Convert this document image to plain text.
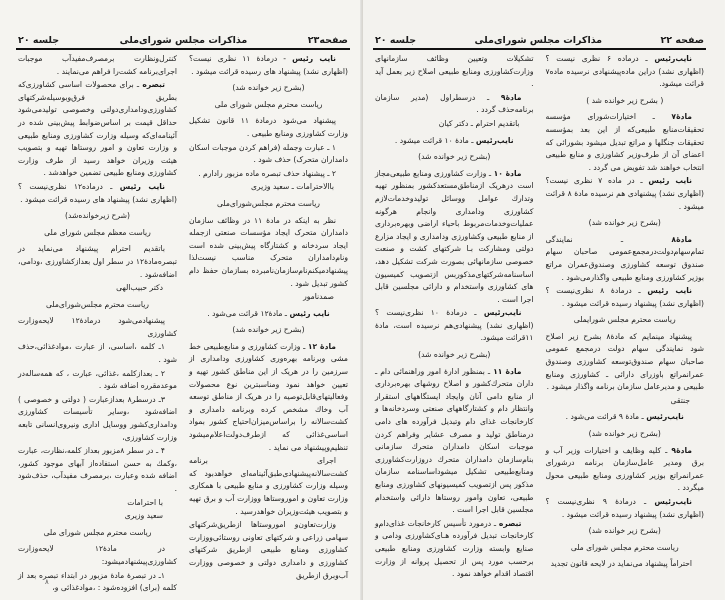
صفحه۲۳
مذاکرات مجلس شورای‌ملی
جلسه ۲۰

نایب رئیس - درمادهٔ ۱۱ نظری نیست؟ (اظهاری نشد) پیشنهاد های رسیده قرائت میشود .

(بشرح زیر خوانده شد)

ریاست محترم مجلس شورای ملی

پیشنهاد می‌شود درمادهٔ ۱۱ قانون تشکیل وزارت کشاورزی ومنابع طبیعی .

۱ ـ عبارت وجمله (فراهم کردن موجبات اسکان دامداران متحرک) حذف شود .

۲ ـ پیشنهاد حذف تبصره ماده مزبور رادارم .

باالاحترامات ـ سعید وزیری

ریاست محترم مجلس‌شورای‌ملی

نظر به اینکه در مادهٔ ۱۱ در وظائف سازمان دامداران متحرک ایجاد مؤسسات صنعتی ازجمله ایجاد سردخانه و کشتارگاه پیش‌بینی شده است ونام‌دامداران متحرک مناسب نیست‌لذا پیشنهادمیکنم‌نام‌سازمان‌نامبرده بسازمان حفظ دام کشور تبدیل شود .

صمدنامور

نایب رئیس ـ مادهٔ۱۲ قرائت می‌شود .

(بشرح زیر خوانده شد)

مادهٔ ۱۲ ـ وزارت کشاورزی و منابع‌طبیعی خط مشی وبرنامه بهره‌وری کشاورزی ودامداری از سرزمین را در هریک از این مناطق کشور تهیه و تعیین خواهد نمود ومناسبترین نوع محصولات وفعالیتهای‌قابل‌توصیه را در هریک از مناطق توسعه آب وخاك مشخص کرده وبرنامه دامداری و کشت‌سالانه را براساس‌میزان‌احتیاج کشور بمواد اساسی‌غذائی که ازطرف‌دولت‌اعلام‌میشود تنظیم‌وپیشنهاد می نماید .

اجرای برنامه کشت‌سالانه‌پیشنهادی‌طبق‌آئینامه‌ای خواهدبود که وسیله وزارت کشاورزی و منابع طبیعی با همکاری وزارت تعاون و اموروستاها ووزارت آب و برق تهیه و بتصویب هیئت‌وزیران خواهدرسید .

وزارت‌تعاون‌و اموروستاها ازطریق‌شرکتهای سهامی زراعی و شرکتهای تعاونی روستائی‌ووزارت کشاورزی ومنابع طبیعی ازطریق شرکتهای کشاورزی و دامداری دولتی و خصوصی ووزارت آب‌وبرق ازطریق

کنترل‌ونظارت برمصرف‌مفیدآب موجبات اجرای‌برنامه کشت‌را فراهم می‌نمایند .

تبصره ـ برای محصولات اساسی کشاورزی‌که بطریق فرق‌وبوسیله‌شرکتهای کشاورزی‌ودامداری‌دولتی وخصوصی تولیدمی‌شود حداقل قیمت بر اساس‌ضوابط پیش‌بینی شده در آئینامه‌ای‌که وسیله وزارت کشاورزی ومنابع طبیعی و وزارت تعاون و امور روستاها تهیه و بتصویب هیئت وزیران خواهد رسید از طرف وزارت کشاورزی ومنابع طبیعی تضمین خواهدشد .

نایب رئیس ـ درماده۱۲ نظری‌نیست ؟ (اظهاری نشد) پیشنهاد های رسیده قرائت میشود .

(شرح زیرخوانده‌شد)

ریاست معظم مجلس شورای ملی

باتقدیم احترام پیشنهاد می‌نماید در تبصره‌مادهٔ۱۲ در سطر اول بعدازکشاورزی ،ودامی، اضافه‌شود .

دکتر حبیب‌الهی

ریاست محترم مجلس‌شورای‌ملی

پیشنهادمی‌شود درمادهٔ۱۲ لایحه‌وزارت کشاورزی

۱ـ کلمه ،اساسی، از عبارت ،موادغذائی،حذف شود .

۲ ـ بعدازکلمه ،غذائی، عبارت ، که همه‌ساله‌در موعدمقرره اضافه شود .

۳ـ درسطر۸ بعدازعبارت ( دولتی و خصوصی ) اضافه‌شود ،وسایر تأسیسات کشاورزی ودامداری‌کشور ووسایل اداری ونیروی‌انسانی تابعه وزارت کشاورزی،

۴ ـ در سطر ۸مزبور بعداز کلمه،نظارت، عبارت ،وکمك به حسن استفاده‌از آبهای موجود کشور، اضافه شده وعبارت ،برمصرف مفیدآب، حذف‌شود .

با احترامات

سعید وزیری

ریاست محترم مجلس شورای ملی

در مادهٔ۱۲ لایحه‌وزارت کشاورزی‌پیشنهادمیشود:

۱ـ در تبصرهٔ مادهٔ مزبور در ابتداء تبصره بعد از کلمه (برای) افزوده‌شود : ،موادغذائی و،

۸
صفحه ۲۲
مذاکرات مجلس شورای‌ملی
جلسه ۲۰

نایب‌رئیس ـ درماده ۶ نظری نیست ؟ (اظهاری نشد) دراین ماده‌پیشنهادی نرسیده ماده۷ قرائت میشود.

( بشرح زیر خوانده شد )

مادهٔ۷ ـ اختیارات‌شورای مؤسسه تحقیقات‌منابع طبیعی‌که از این بعد بمؤسسه تحقیقات جنگلها و مراتع تبدیل میشود بشورائی که اعضای آن از طرف‌وزیر کشاورزی و منابع طبیعی انتخاب خواهند شد تفویض می گردد .

نایب رئیس ـ در ماده ۷ نظری نیست؟ (اظهاری نشد) پیشنهادی هم نرسیده مادهٔ ۸ قرائت میشود .

(بشرح زیر خوانده شد)

مادهٔ۸ ـ نمایندگی تمام‌سهام‌دولت‌درمجمع‌عمومی صاحبان سهام صندوق توسعه کشاورزی وصندوق‌عمران مراتع بوزیر کشاورزی ومنابع طبیعی واگذارمی‌شود .

نایب رئیس ـ درمادهٔ ۸ نظری‌نیست ؟ (اظهاری نشد) پیشنهاد رسیده قرائت میشود .

ریاست محترم مجلس شورایملی

پیشنهاد مینمایم که مادهٔ۸ بشرح زیر اصلاح شود نمایندگی سهام دولت درمجمع عمومی صاحبان سهام صندوق‌توسعه کشاورزی وصندوق عمرانمراتع باوزرای دارائی ـ کشاورزی ومنابع طبیعی و مدیرعامل سازمان برنامه واگذار میشود .

جنتقی

نایب‌رئیس ـ مادهٔ ۹ قرائت می‌شود .

(بشرح زیر خوانده شد)

مادهٔ۹ ـ کلیه وظایف و اختیارات وزیر آب و برق ومدیر عامل‌سازمان برنامه درشورای عمرانمراتع بوزیر کشاورزی ومنابع طبیعی محول میگردد .

نایب‌رئیس ـ درمادهٔ ۹ نظری‌نیست ؟ (اظهاری نشد) پیشنهاد رسیده قرائت میشود .

(بشرح زیر خوانده شد)

ریاست محترم مجلس شورای ملی

احتراماً پیشنهاد می‌نماید در لایحه قانون تجدید

تشکیلات وتعیین وظائف سازمانهای وزارت‌کشاورزی ومنابع طبیعی اصلاح زیر بعمل آید .

مادهٔ۹ ـ درسطراول (مدیر سازمان برنامه‌حذف گردد .

باتقدیم احترام ـ دکتر کیان

نایب‌رئیس ـ مادهٔ ۱۰ قرائت میشود .

(بشرح زیر خوانده شد)

مادهٔ ۱۰ ـ وزارت کشاورزی ومنابع طبیعی‌مجاز است درهریک ازمناطق‌مستعدکشور بمنظور تهیه وتدارك عوامل ووسائل تولیدوخدمات‌لازم کشاورزی ودامداری وانجام هرگونه عملیات‌وخدمات‌مربوط باحیاء اراضی وبهره‌برداری از منابع طبیعی وکشاورزی ودامداری و ایجاد مزارع دولتی ومشارکت بـا شرکتهای کشت و صنعت خصوصی سازمانهائی بصورت شرکت تشکیل دهد، اساسنامه‌شرکتهای‌مذکوربس ازتصویب کمیسیون های کشاورزی واستخدام و دارائی مجلسین قابل اجرا است .

نایب‌رئیس ـ درمادهٔ ۱۰ نظری‌نیست ؟(اظهاری نشد) پیشنهادی‌هم نرسیده است، مادهٔ ۱۱قرائت میشود.

(بشرح زیر خوانده شد)

مادهٔ ۱۱ ـ بمنظور ادارهٔ امور وراهنمائی دام ـ داران متحرك‌کشور و اصلاح روشهای بهره‌برداری از منابع دامی آنان وایجاد ایستگاههای استقرار وانتظار دام و کشتارگاههای صنعتی وسردخانه‌ها و کارخانجات غذای دام وتبدیل فرآورده های دامی درمناطق تولید و مصرف عشایر وفراهم کردن موجبات اسکان دامداران متحرك سازمانی بنام‌سازمان دامداران متحرك دروزارت‌کشاورزی ومنابع‌طبیعی تشکیل میشود‌اساسنامه سازمان مذکور پس ازتصویب کمیسیونهای کشاورزی ومنابع طبیعی، تعاون وامور روستاها دارائی واستخدام مجلسین قابل اجرا است .

تبصره ـ درمورد تأسیس کارخانجات غذای‌دام‌و کارخانجات تبدیل فرآورده هـای‌کشاورزی ودامی و صنایع وابسته وزارت کشاورزی ومنابع طبیعی برحسب مورد پس از تحصیل پروانه از وزارت اقتصاد اقدام خواهد نمود .
